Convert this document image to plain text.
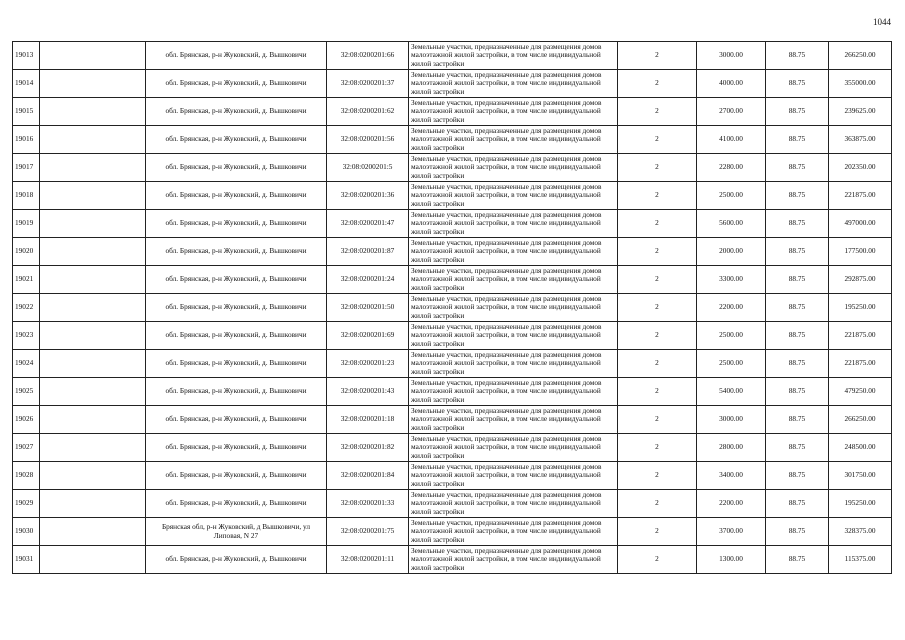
1044
19013		обл. Брянская, р-н Жуковский, д. Вышковичи	32:08:0200201:66	Земельные участки, предназначенные для размещения домов малоэтажной жилой застройки, в том числе индивидуальной жилой застройки	2	3000.00	88.75	266250.00
19014		обл. Брянская, р-н Жуковский, д. Вышковичи	32:08:0200201:37	Земельные участки, предназначенные для размещения домов малоэтажной жилой застройки, в том числе индивидуальной жилой застройки	2	4000.00	88.75	355000.00
19015		обл. Брянская, р-н Жуковский, д. Вышковичи	32:08:0200201:62	Земельные участки, предназначенные для размещения домов малоэтажной жилой застройки, в том числе индивидуальной жилой застройки	2	2700.00	88.75	239625.00
19016		обл. Брянская, р-н Жуковский, д. Вышковичи	32:08:0200201:56	Земельные участки, предназначенные для размещения домов малоэтажной жилой застройки, в том числе индивидуальной жилой застройки	2	4100.00	88.75	363875.00
19017		обл. Брянская, р-н Жуковский, д. Вышковичи	32:08:0200201:5	Земельные участки, предназначенные для размещения домов малоэтажной жилой застройки, в том числе индивидуальной жилой застройки	2	2280.00	88.75	202350.00
19018		обл. Брянская, р-н Жуковский, д. Вышковичи	32:08:0200201:36	Земельные участки, предназначенные для размещения домов малоэтажной жилой застройки, в том числе индивидуальной жилой застройки	2	2500.00	88.75	221875.00
19019		обл. Брянская, р-н Жуковский, д. Вышковичи	32:08:0200201:47	Земельные участки, предназначенные для размещения домов малоэтажной жилой застройки, в том числе индивидуальной жилой застройки	2	5600.00	88.75	497000.00
19020		обл. Брянская, р-н Жуковский, д. Вышковичи	32:08:0200201:87	Земельные участки, предназначенные для размещения домов малоэтажной жилой застройки, в том числе индивидуальной жилой застройки	2	2000.00	88.75	177500.00
19021		обл. Брянская, р-н Жуковский, д. Вышковичи	32:08:0200201:24	Земельные участки, предназначенные для размещения домов малоэтажной жилой застройки, в том числе индивидуальной жилой застройки	2	3300.00	88.75	292875.00
19022		обл. Брянская, р-н Жуковский, д. Вышковичи	32:08:0200201:50	Земельные участки, предназначенные для размещения домов малоэтажной жилой застройки, в том числе индивидуальной жилой застройки	2	2200.00	88.75	195250.00
19023		обл. Брянская, р-н Жуковский, д. Вышковичи	32:08:0200201:69	Земельные участки, предназначенные для размещения домов малоэтажной жилой застройки, в том числе индивидуальной жилой застройки	2	2500.00	88.75	221875.00
19024		обл. Брянская, р-н Жуковский, д. Вышковичи	32:08:0200201:23	Земельные участки, предназначенные для размещения домов малоэтажной жилой застройки, в том числе индивидуальной жилой застройки	2	2500.00	88.75	221875.00
19025		обл. Брянская, р-н Жуковский, д. Вышковичи	32:08:0200201:43	Земельные участки, предназначенные для размещения домов малоэтажной жилой застройки, в том числе индивидуальной жилой застройки	2	5400.00	88.75	479250.00
19026		обл. Брянская, р-н Жуковский, д. Вышковичи	32:08:0200201:18	Земельные участки, предназначенные для размещения домов малоэтажной жилой застройки, в том числе индивидуальной жилой застройки	2	3000.00	88.75	266250.00
19027		обл. Брянская, р-н Жуковский, д. Вышковичи	32:08:0200201:82	Земельные участки, предназначенные для размещения домов малоэтажной жилой застройки, в том числе индивидуальной жилой застройки	2	2800.00	88.75	248500.00
19028		обл. Брянская, р-н Жуковский, д. Вышковичи	32:08:0200201:84	Земельные участки, предназначенные для размещения домов малоэтажной жилой застройки, в том числе индивидуальной жилой застройки	2	3400.00	88.75	301750.00
19029		обл. Брянская, р-н Жуковский, д. Вышковичи	32:08:0200201:33	Земельные участки, предназначенные для размещения домов малоэтажной жилой застройки, в том числе индивидуальной жилой застройки	2	2200.00	88.75	195250.00
19030		Брянская обл, р-н Жуковский, д Вышковичи, ул Липовая, N 27	32:08:0200201:75	Земельные участки, предназначенные для размещения домов малоэтажной жилой застройки, в том числе индивидуальной жилой застройки	2	3700.00	88.75	328375.00
19031		обл. Брянская, р-н Жуковский, д. Вышковичи	32:08:0200201:11	Земельные участки, предназначенные для размещения домов малоэтажной жилой застройки, в том числе индивидуальной жилой застройки	2	1300.00	88.75	115375.00
